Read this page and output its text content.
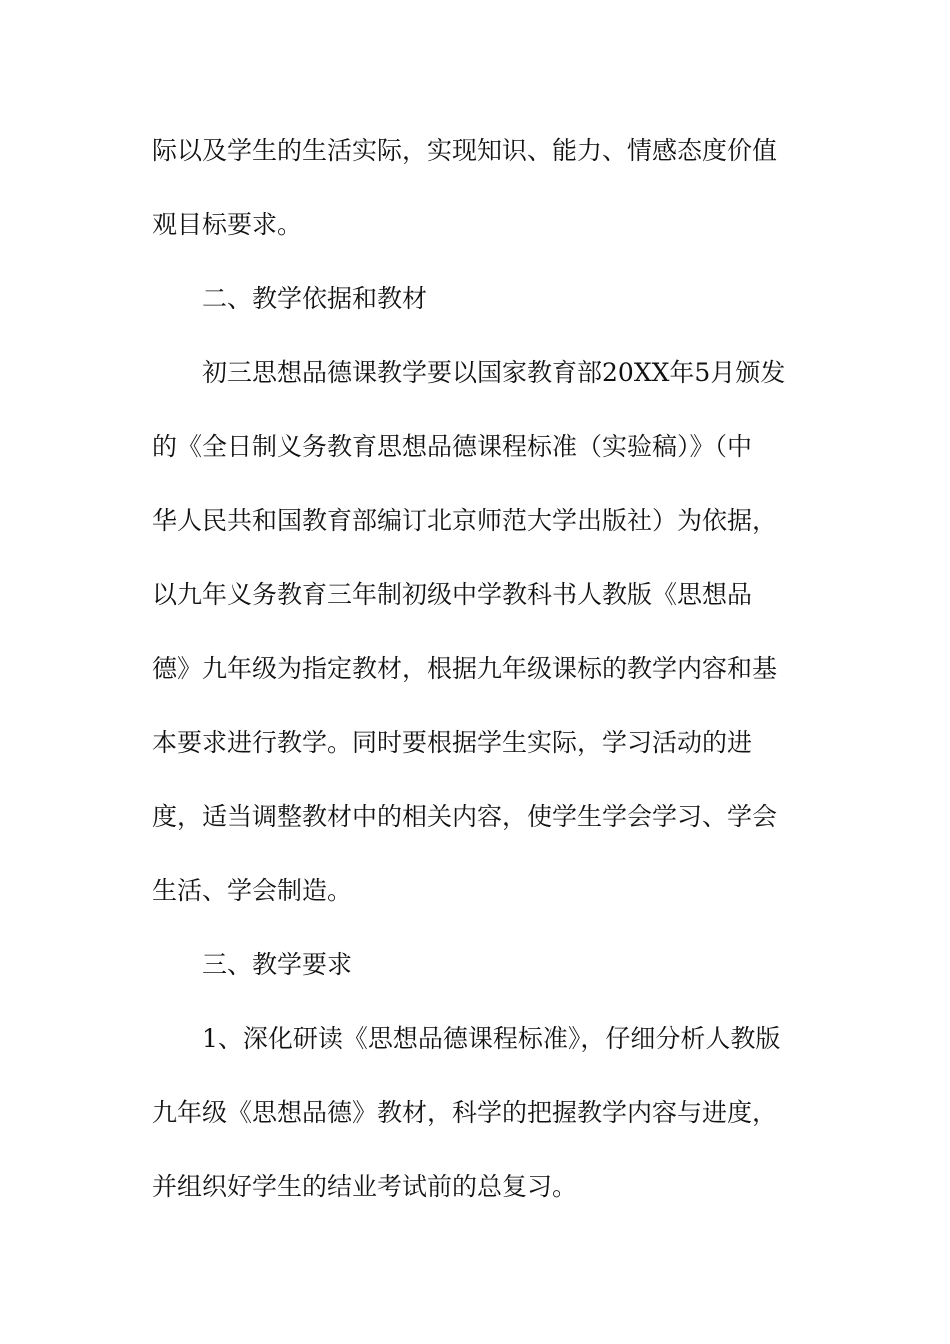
际以及学生的生活实际，实现知识、能力、情感态度价值
观目标要求。
二、教学依据和教材
初三思想品德课教学要以国家教育部20XX年5月颁发
的《全日制义务教育思想品德课程标准（实验稿）》（中
华人民共和国教育部编订北京师范大学出版社）为依据，
以九年义务教育三年制初级中学教科书人教版《思想品
德》九年级为指定教材，根据九年级课标的教学内容和基
本要求进行教学。同时要根据学生实际，学习活动的进
度，适当调整教材中的相关内容，使学生学会学习、学会
生活、学会制造。
三、教学要求
1、深化研读《思想品德课程标准》，仔细分析人教版
九年级《思想品德》教材，科学的把握教学内容与进度，
并组织好学生的结业考试前的总复习。
